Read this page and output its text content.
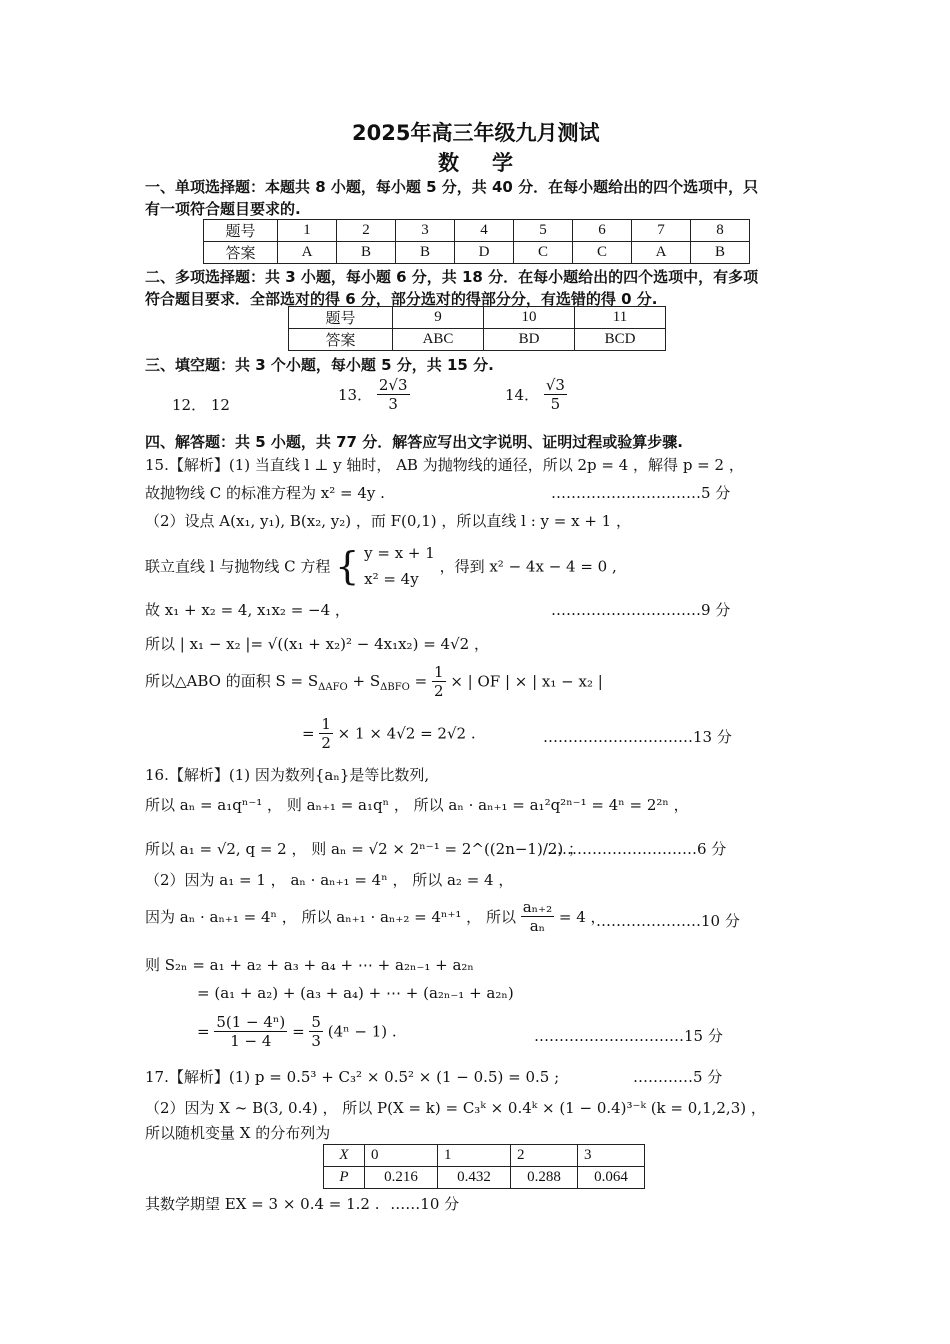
2025年高三年级九月测试
数　学
一、单项选择题：本题共 8 小题，每小题 5 分，共 40 分．在每小题给出的四个选项中，只
有一项符合题目要求的.
题号	1	2	3	4	5	6	7	8
答案	A	B	B	D	C	C	A	B
二、多项选择题：共 3 小题，每小题 6 分，共 18 分．在每小题给出的四个选项中，有多项
符合题目要求．全部选对的得 6 分，部分选对的得部分分，有选错的得 0 分.
题号	9	10	11
答案	ABC	BD	BCD
三、填空题：共 3 个小题，每小题 5 分，共 15 分.
12． 12
13． $\frac{2√3}{3}$	14． $\frac{√3}{5}$
四、解答题：共 5 小题，共 77 分．解答应写出文字说明、证明过程或验算步骤.
15.【解析】(1) 当直线 l ⊥ y 轴时， AB 为抛物线的通径，所以 2p = 4 ，解得 p = 2 ，
故抛物线 C 的标准方程为 x² = 4y .	…………………………5 分
（2）设点 A(x₁, y₁), B(x₂, y₂) ，而 F(0,1) ，所以直线 l : y = x + 1 ，
联立直线 l 与抛物线 C 方程 { y = x + 1
x² = 4y
，得到 x² − 4x − 4 = 0 ,
故 x₁ + x₂ = 4, x₁x₂ = −4 ，	…………………………9 分
所以 | x₁ − x₂ |= √((x₁ + x₂)² − 4x₁x₂) = 4√2 ，
所以△ABO 的面积 $S = S_{\Delta AFO} + S_{\Delta BFO} = \frac{1}{2}$ × | OF | × | x₁ − x₂ |
= $\frac{1}{2} \times 1 \times 4√2 = 2√2$ .	…………………………13 分
16.【解析】(1) 因为数列{aₙ}是等比数列,
所以 aₙ = a₁qⁿ⁻¹ ， 则 aₙ₊₁ = a₁qⁿ ， 所以 aₙ · aₙ₊₁ = a₁²q²ⁿ⁻¹ = 4ⁿ = 2²ⁿ ，
所以 a₁ = √2, q = 2 ， 则 aₙ = √2 × 2ⁿ⁻¹ = 2^((2n−1)/2) ；
…………………………6 分
（2）因为 a₁ = 1 ， aₙ · aₙ₊₁ = 4ⁿ ， 所以 a₂ = 4 ，
因为 aₙ · aₙ₊₁ = 4ⁿ ， 所以 aₙ₊₁ · aₙ₊₂ = 4ⁿ⁺¹ ， 所以 $\frac{\text{aₙ₊₂}}{\text{aₙ}} = 4$ ，
…………………10 分
则 S₂ₙ = a₁ + a₂ + a₃ + a₄ + ⋯ + a₂ₙ₋₁ + a₂ₙ
= (a₁ + a₂) + (a₃ + a₄) + ⋯ + (a₂ₙ₋₁ + a₂ₙ)
= $\frac{\text{5(1 − 4ⁿ)}}{1 - 4} = \frac{5}{3} (4^n - 1)$ .	…………………………15 分
17.【解析】(1) p = 0.5³ + C₃² × 0.5² × (1 − 0.5) = 0.5 ;	…………5 分
（2）因为 X ~ B(3, 0.4) ， 所以 P(X = k) = C₃ᵏ × 0.4ᵏ × (1 − 0.4)³⁻ᵏ (k = 0,1,2,3) ，
所以随机变量 X 的分布列为
X	0	1	2	3
P	0.216	0.432	0.288	0.064
其数学期望 EX = 3 × 0.4 = 1.2 . ……10 分
